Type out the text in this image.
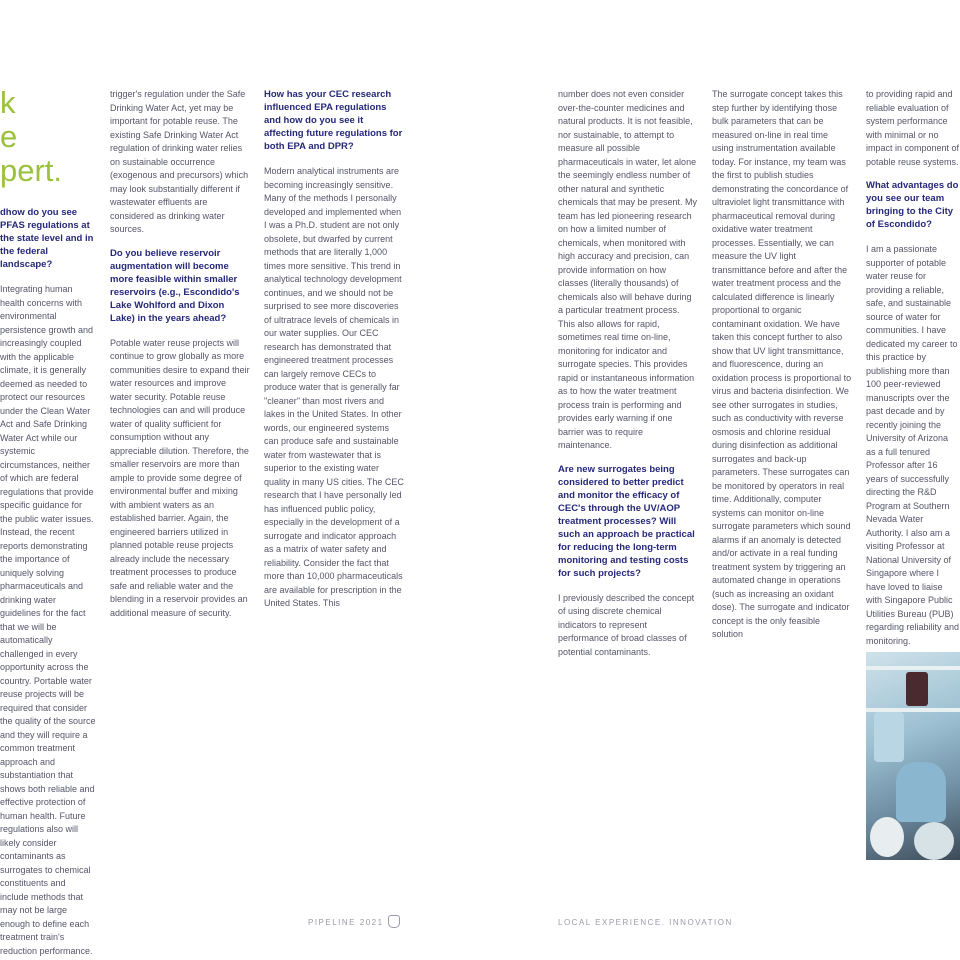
k
e
pert.

dhow do you see PFAS regulations at the state level and in the federal landscape?

Integrating human health concerns with environmental persistence growth and increasingly coupled with the applicable climate, it is generally deemed as needed to protect our resources under the Clean Water Act and Safe Drinking Water Act while our systemic circumstances, neither of which are federal regulations that provide specific guidance for the public water issues. Instead, the recent reports demonstrating the importance of uniquely solving pharmaceuticals and drinking water guidelines for the fact that we will be automatically challenged in every opportunity across the country. Portable water reuse projects will be required that consider the quality of the source and they will require a common treatment approach and substantiation that shows both reliable and effective protection of human health. Future regulations also will likely consider contaminants as surrogates to chemical constituents and include methods that may not be large enough to define each treatment train's reduction performance.

trigger's regulation under the Safe Drinking Water Act, yet may be important for potable reuse. The existing Safe Drinking Water Act regulation of drinking water relies on sustainable occurrence (exogenous and precursors) which may look substantially different if wastewater effluents are considered as drinking water sources.

Do you believe reservoir augmentation will become more feasible within smaller reservoirs (e.g., Escondido's Lake Wohlford and Dixon Lake) in the years ahead?

Potable water reuse projects will continue to grow globally as more communities desire to expand their water resources and improve water security. Potable reuse technologies can and will produce water of quality sufficient for consumption without any appreciable dilution. Therefore, the smaller reservoirs are more than ample to provide some degree of environmental buffer and mixing with ambient waters as an established barrier. Again, the engineered barriers utilized in planned potable reuse projects already include the necessary treatment processes to produce safe and reliable water and the blending in a reservoir provides an additional measure of security.

How has your CEC research influenced EPA regulations and how do you see it affecting future regulations for both EPA and DPR?

Modern analytical instruments are becoming increasingly sensitive. Many of the methods I personally developed and implemented when I was a Ph.D. student are not only obsolete, but dwarfed by current methods that are literally 1,000 times more sensitive. This trend in analytical technology development continues, and we should not be surprised to see more discoveries of ultratrace levels of chemicals in our water supplies. Our CEC research has demonstrated that engineered treatment processes can largely remove CECs to produce water that is generally far "cleaner" than most rivers and lakes in the United States. In other words, our engineered systems can produce safe and sustainable water from wastewater that is superior to the existing water quality in many US cities. The CEC research that I have personally led has influenced public policy, especially in the development of a surrogate and indicator approach as a matrix of water safety and reliability. Consider the fact that more than 10,000 pharmaceuticals are available for prescription in the United States. This

number does not even consider over-the-counter medicines and natural products. It is not feasible, nor sustainable, to attempt to measure all possible pharmaceuticals in water, let alone the seemingly endless number of other natural and synthetic chemicals that may be present. My team has led pioneering research on how a limited number of chemicals, when monitored with high accuracy and precision, can provide information on how classes (literally thousands) of chemicals also will behave during a particular treatment process. This also allows for rapid, sometimes real time on-line, monitoring for indicator and surrogate species. This provides rapid or instantaneous information as to how the water treatment process train is performing and provides early warning if one barrier was to require maintenance.

Are new surrogates being considered to better predict and monitor the efficacy of CEC's through the UV/AOP treatment processes? Will such an approach be practical for reducing the long-term monitoring and testing costs for such projects?

I previously described the concept of using discrete chemical indicators to represent performance of broad classes of potential contaminants.

The surrogate concept takes this step further by identifying those bulk parameters that can be measured on-line in real time using instrumentation available today. For instance, my team was the first to publish studies demonstrating the concordance of ultraviolet light transmittance with pharmaceutical removal during oxidative water treatment processes. Essentially, we can measure the UV light transmittance before and after the water treatment process and the calculated difference is linearly proportional to organic contaminant oxidation. We have taken this concept further to also show that UV light transmittance, and fluorescence, during an oxidation process is proportional to virus and bacteria disinfection. We see other surrogates in studies, such as conductivity with reverse osmosis and chlorine residual during disinfection as additional surrogates and back-up parameters. These surrogates can be monitored by operators in real time. Additionally, computer systems can monitor on-line surrogate parameters which sound alarms if an anomaly is detected and/or activate in a real funding treatment system by triggering an automated change in operations (such as increasing an oxidant dose). The surrogate and indicator concept is the only feasible solution

to providing rapid and reliable evaluation of system performance with minimal or no impact in component of potable reuse systems.

What advantages do you see our team bringing to the City of Escondido?

I am a passionate supporter of potable water reuse for providing a reliable, safe, and sustainable source of water for communities. I have dedicated my career to this practice by publishing more than 100 peer-reviewed manuscripts over the past decade and by recently joining the University of Arizona as a full tenured Professor after 16 years of successfully directing the R&D Program at Southern Nevada Water Authority. I also am a visiting Professor at National University of Singapore where I have loved to liaise with Singapore Public Utilities Bureau (PUB) regarding reliability and monitoring.

PIPELINE 2021	LOCAL EXPERIENCE. INNOVATION
